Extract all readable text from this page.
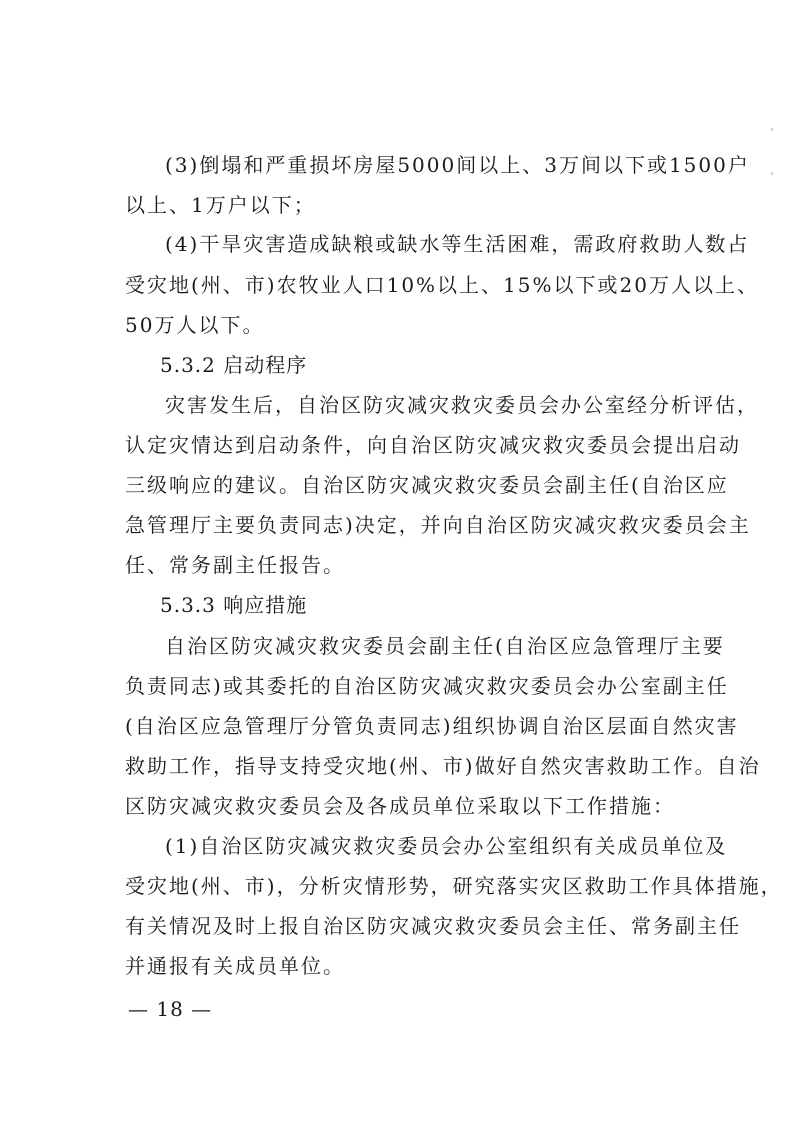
(3)倒塌和严重损坏房屋5000间以上、3万间以下或1500户
以上、1万户以下；
(4)干旱灾害造成缺粮或缺水等生活困难，需政府救助人数占
受灾地(州、市)农牧业人口10%以上、15%以下或20万人以上、
50万人以下。
5.3.2 启动程序
灾害发生后，自治区防灾减灾救灾委员会办公室经分析评估，
认定灾情达到启动条件，向自治区防灾减灾救灾委员会提出启动
三级响应的建议。自治区防灾减灾救灾委员会副主任(自治区应
急管理厅主要负责同志)决定，并向自治区防灾减灾救灾委员会主
任、常务副主任报告。
5.3.3 响应措施
自治区防灾减灾救灾委员会副主任(自治区应急管理厅主要
负责同志)或其委托的自治区防灾减灾救灾委员会办公室副主任
(自治区应急管理厅分管负责同志)组织协调自治区层面自然灾害
救助工作，指导支持受灾地(州、市)做好自然灾害救助工作。自治
区防灾减灾救灾委员会及各成员单位采取以下工作措施：
(1)自治区防灾减灾救灾委员会办公室组织有关成员单位及
受灾地(州、市)，分析灾情形势，研究落实灾区救助工作具体措施，
有关情况及时上报自治区防灾减灾救灾委员会主任、常务副主任
并通报有关成员单位。
— 18 —
